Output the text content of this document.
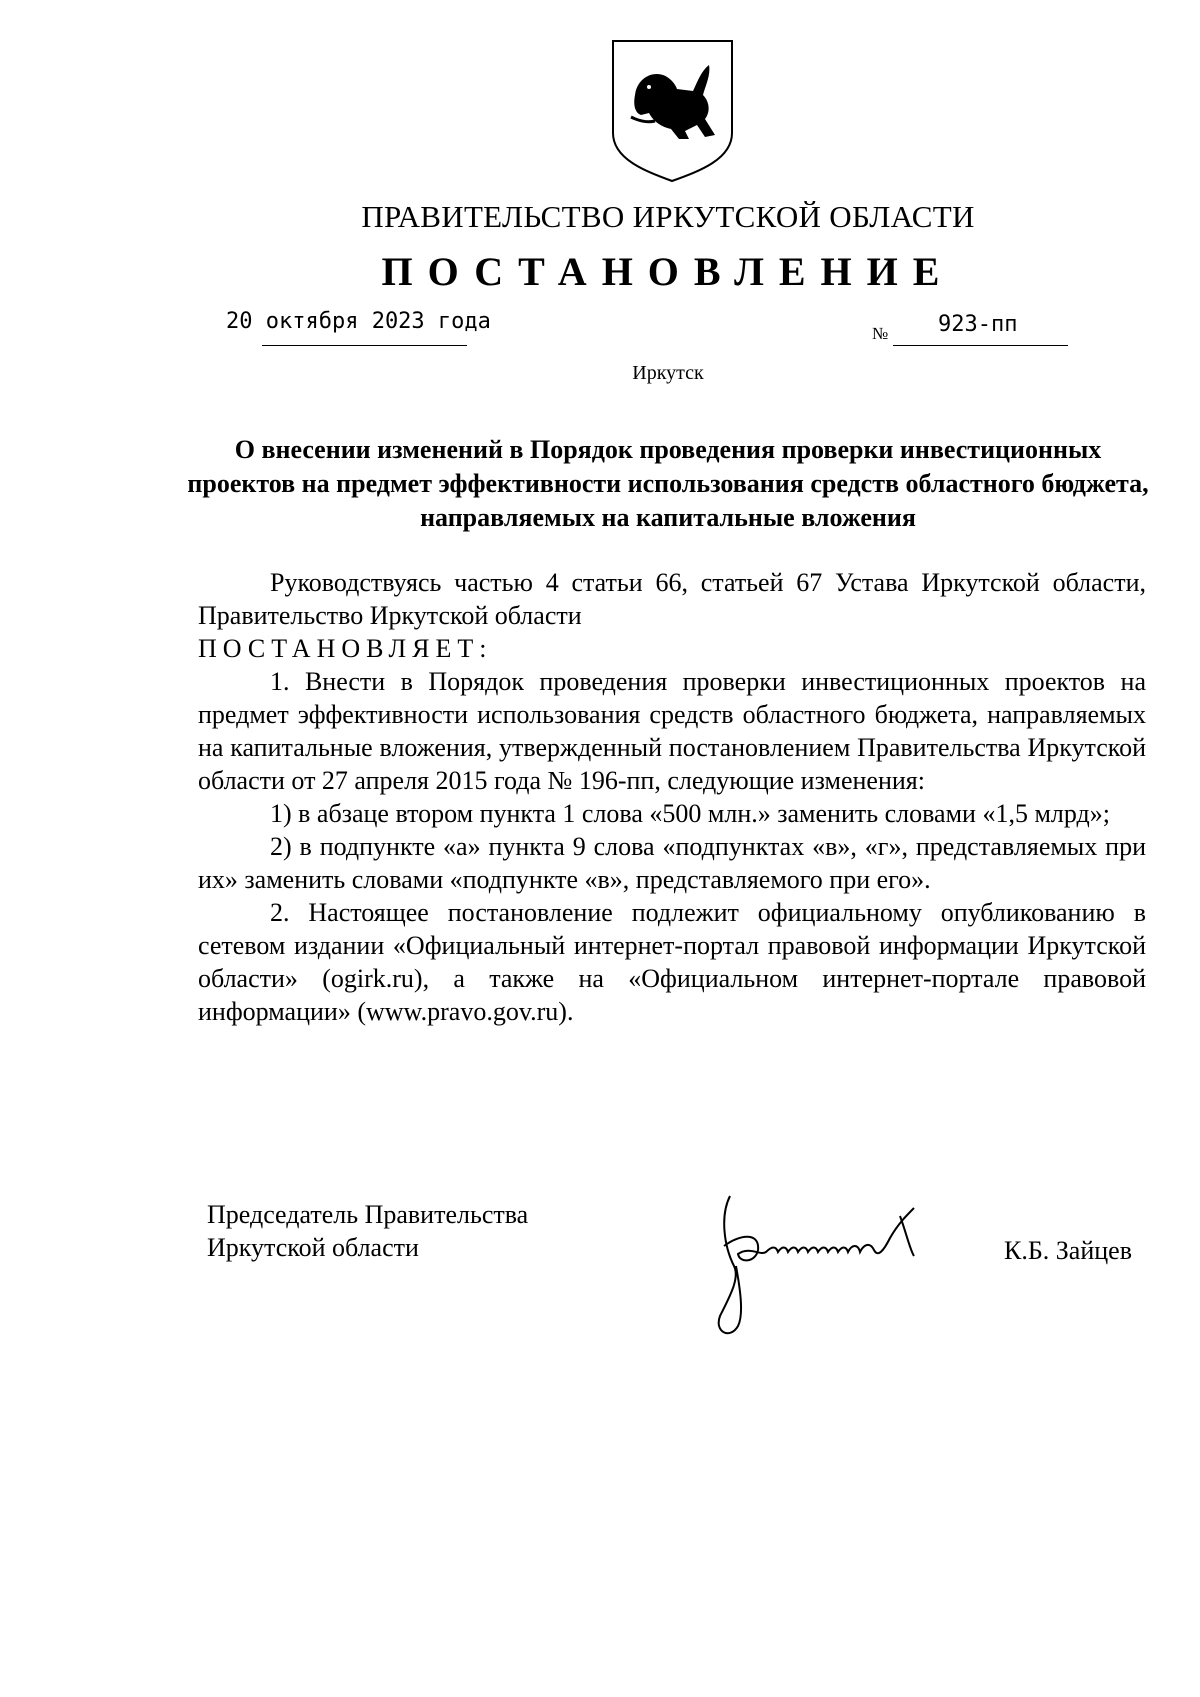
ПРАВИТЕЛЬСТВО ИРКУТСКОЙ ОБЛАСТИ
ПОСТАНОВЛЕНИЕ
20 октября 2023 года	№ 923-пп
Иркутск
О внесении изменений в Порядок проведения проверки инвестиционных проектов на предмет эффективности использования средств областного бюджета, направляемых на капитальные вложения

Руководствуясь частью 4 статьи 66, статьей 67 Устава Иркутской области, Правительство Иркутской области

ПОСТАНОВЛЯЕТ:

1. Внести в Порядок проведения проверки инвестиционных проектов на предмет эффективности использования средств областного бюджета, направляемых на капитальные вложения, утвержденный постановлением Правительства Иркутской области от 27 апреля 2015 года № 196-пп, следующие изменения:

1) в абзаце втором пункта 1 слова «500 млн.» заменить словами «1,5 млрд»;

2) в подпункте «а» пункта 9 слова «подпунктах «в», «г», представляемых при их» заменить словами «подпункте «в», представляемого при его».

2. Настоящее постановление подлежит официальному опубликованию в сетевом издании «Официальный интернет-портал правовой информации Иркутской области» (ogirk.ru), а также на «Официальном интернет-портале правовой информации» (www.pravo.gov.ru).

Председатель Правительства
Иркутской области	К.Б. Зайцев
